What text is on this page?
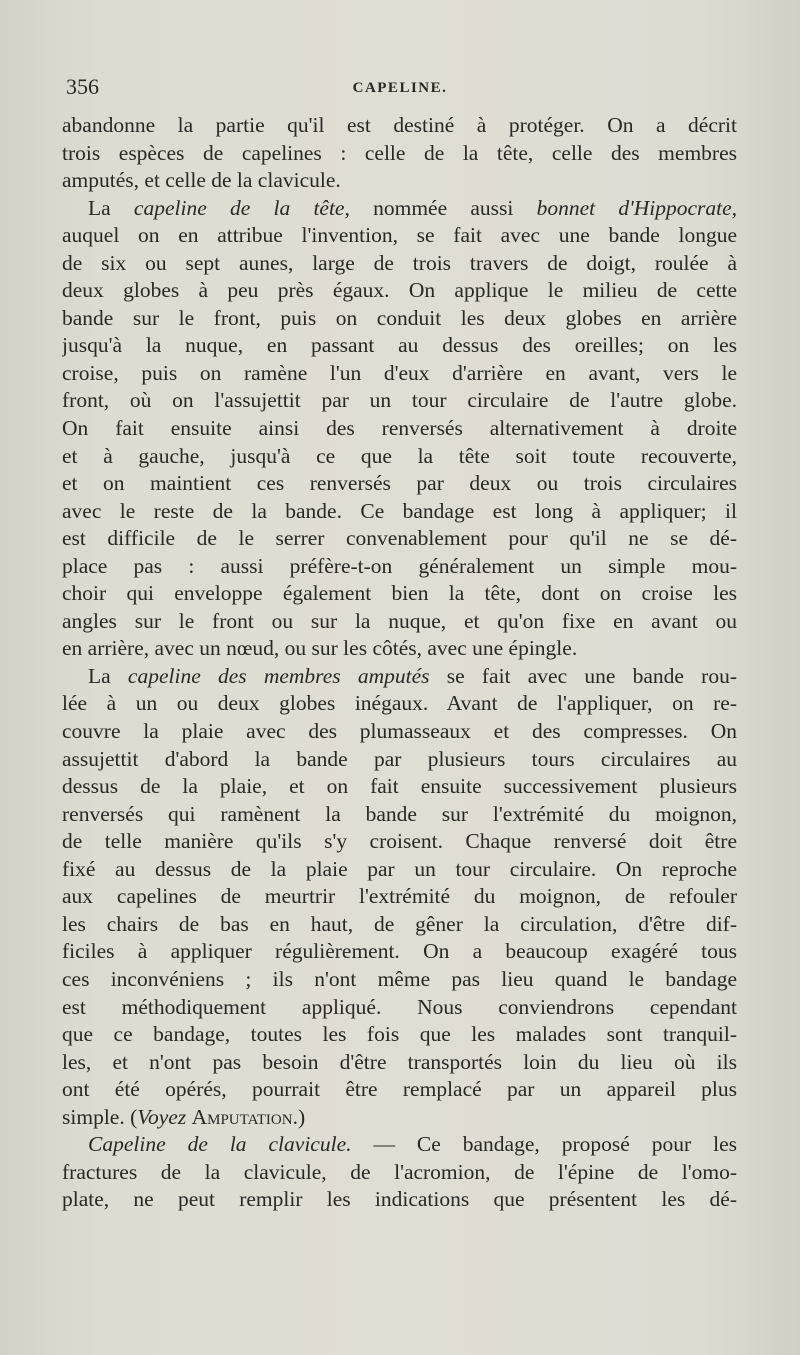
356	CAPELINE.
abandonne la partie qu'il est destiné à protéger. On a décrit
trois espèces de capelines : celle de la tête, celle des membres
amputés, et celle de la clavicule.
La capeline de la tête, nommée aussi bonnet d'Hippocrate,
auquel on en attribue l'invention, se fait avec une bande longue
de six ou sept aunes, large de trois travers de doigt, roulée à
deux globes à peu près égaux. On applique le milieu de cette
bande sur le front, puis on conduit les deux globes en arrière
jusqu'à la nuque, en passant au dessus des oreilles; on les
croise, puis on ramène l'un d'eux d'arrière en avant, vers le
front, où on l'assujettit par un tour circulaire de l'autre globe.
On fait ensuite ainsi des renversés alternativement à droite
et à gauche, jusqu'à ce que la tête soit toute recouverte,
et on maintient ces renversés par deux ou trois circulaires
avec le reste de la bande. Ce bandage est long à appliquer; il
est difficile de le serrer convenablement pour qu'il ne se dé-
place pas : aussi préfère-t-on généralement un simple mou-
choir qui enveloppe également bien la tête, dont on croise les
angles sur le front ou sur la nuque, et qu'on fixe en avant ou
en arrière, avec un nœud, ou sur les côtés, avec une épingle.
La capeline des membres amputés se fait avec une bande rou-
lée à un ou deux globes inégaux. Avant de l'appliquer, on re-
couvre la plaie avec des plumasseaux et des compresses. On
assujettit d'abord la bande par plusieurs tours circulaires au
dessus de la plaie, et on fait ensuite successivement plusieurs
renversés qui ramènent la bande sur l'extrémité du moignon,
de telle manière qu'ils s'y croisent. Chaque renversé doit être
fixé au dessus de la plaie par un tour circulaire. On reproche
aux capelines de meurtrir l'extrémité du moignon, de refouler
les chairs de bas en haut, de gêner la circulation, d'être dif-
ficiles à appliquer régulièrement. On a beaucoup exagéré tous
ces inconvéniens ; ils n'ont même pas lieu quand le bandage
est méthodiquement appliqué. Nous conviendrons cependant
que ce bandage, toutes les fois que les malades sont tranquil-
les, et n'ont pas besoin d'être transportés loin du lieu où ils
ont été opérés, pourrait être remplacé par un appareil plus
simple. (Voyez Amputation.)
Capeline de la clavicule. — Ce bandage, proposé pour les
fractures de la clavicule, de l'acromion, de l'épine de l'omo-
plate, ne peut remplir les indications que présentent les dé-
